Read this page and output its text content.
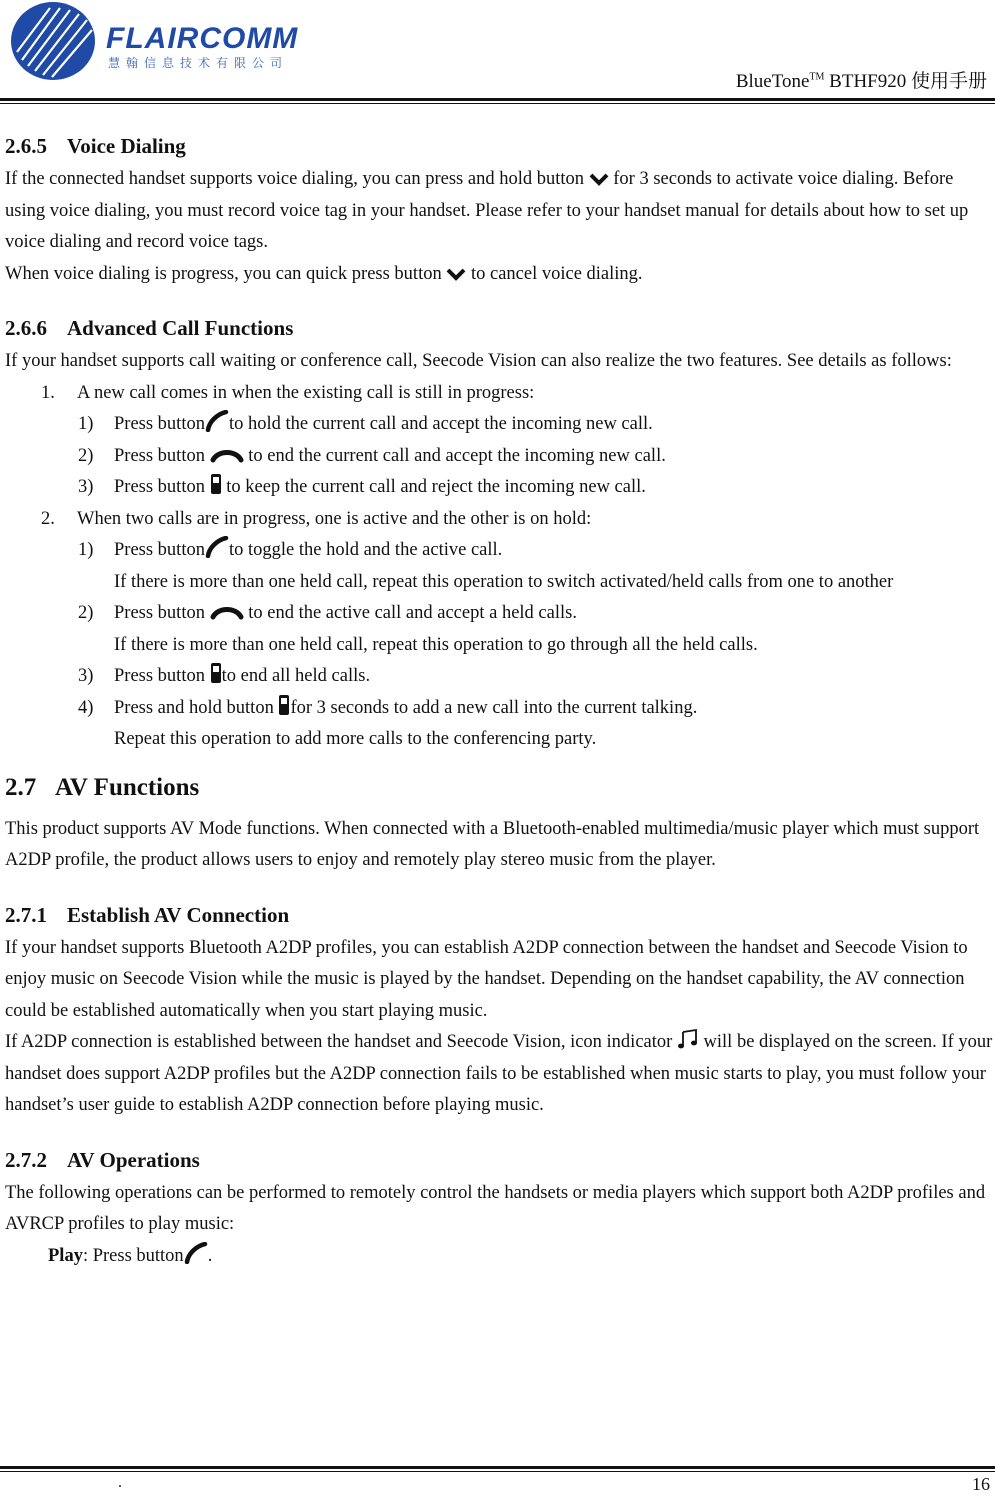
FLAIRCOMM
慧翰信息技术有限公司
BlueTone™ BTHF920 使用手册
2.6.5 Voice Dialing

If the connected handset supports voice dialing, you can press and hold button  for 3 seconds to activate voice dialing. Before using voice dialing, you must record voice tag in your handset. Please refer to your handset manual for details about how to set up voice dialing and record voice tags.

When voice dialing is progress, you can quick press button  to cancel voice dialing.

2.6.6 Advanced Call Functions

If your handset supports call waiting or conference call, Seecode Vision can also realize the two features. See details as follows:

1. A new call comes in when the existing call is still in progress:

1) Press button to hold the current call and accept the incoming new call.

2) Press button  to end the current call and accept the incoming new call.

3) Press button  to keep the current call and reject the incoming new call.

2. When two calls are in progress, one is active and the other is on hold:

1) Press button to toggle the hold and the active call.

If there is more than one held call, repeat this operation to switch activated/held calls from one to another

2) Press button  to end the active call and accept a held calls.

If there is more than one held call, repeat this operation to go through all the held calls.

3) Press button to end all held calls.

4) Press and hold button for 3 seconds to add a new call into the current talking.

Repeat this operation to add more calls to the conferencing party.

2.7 AV Functions

This product supports AV Mode functions. When connected with a Bluetooth-enabled multimedia/music player which must support A2DP profile, the product allows users to enjoy and remotely play stereo music from the player.

2.7.1 Establish AV Connection

If your handset supports Bluetooth A2DP profiles, you can establish A2DP connection between the handset and Seecode Vision to enjoy music on Seecode Vision while the music is played by the handset. Depending on the handset capability, the AV connection could be established automatically when you start playing music.

If A2DP connection is established between the handset and Seecode Vision, icon indicator  will be displayed on the screen. If your handset does support A2DP profiles but the A2DP connection fails to be established when music starts to play, you must follow your handset’s user guide to establish A2DP connection before playing music.

2.7.2 AV Operations

The following operations can be performed to remotely control the handsets or media players which support both A2DP profiles and AVRCP profiles to play music:

Play: Press button .

.	16
